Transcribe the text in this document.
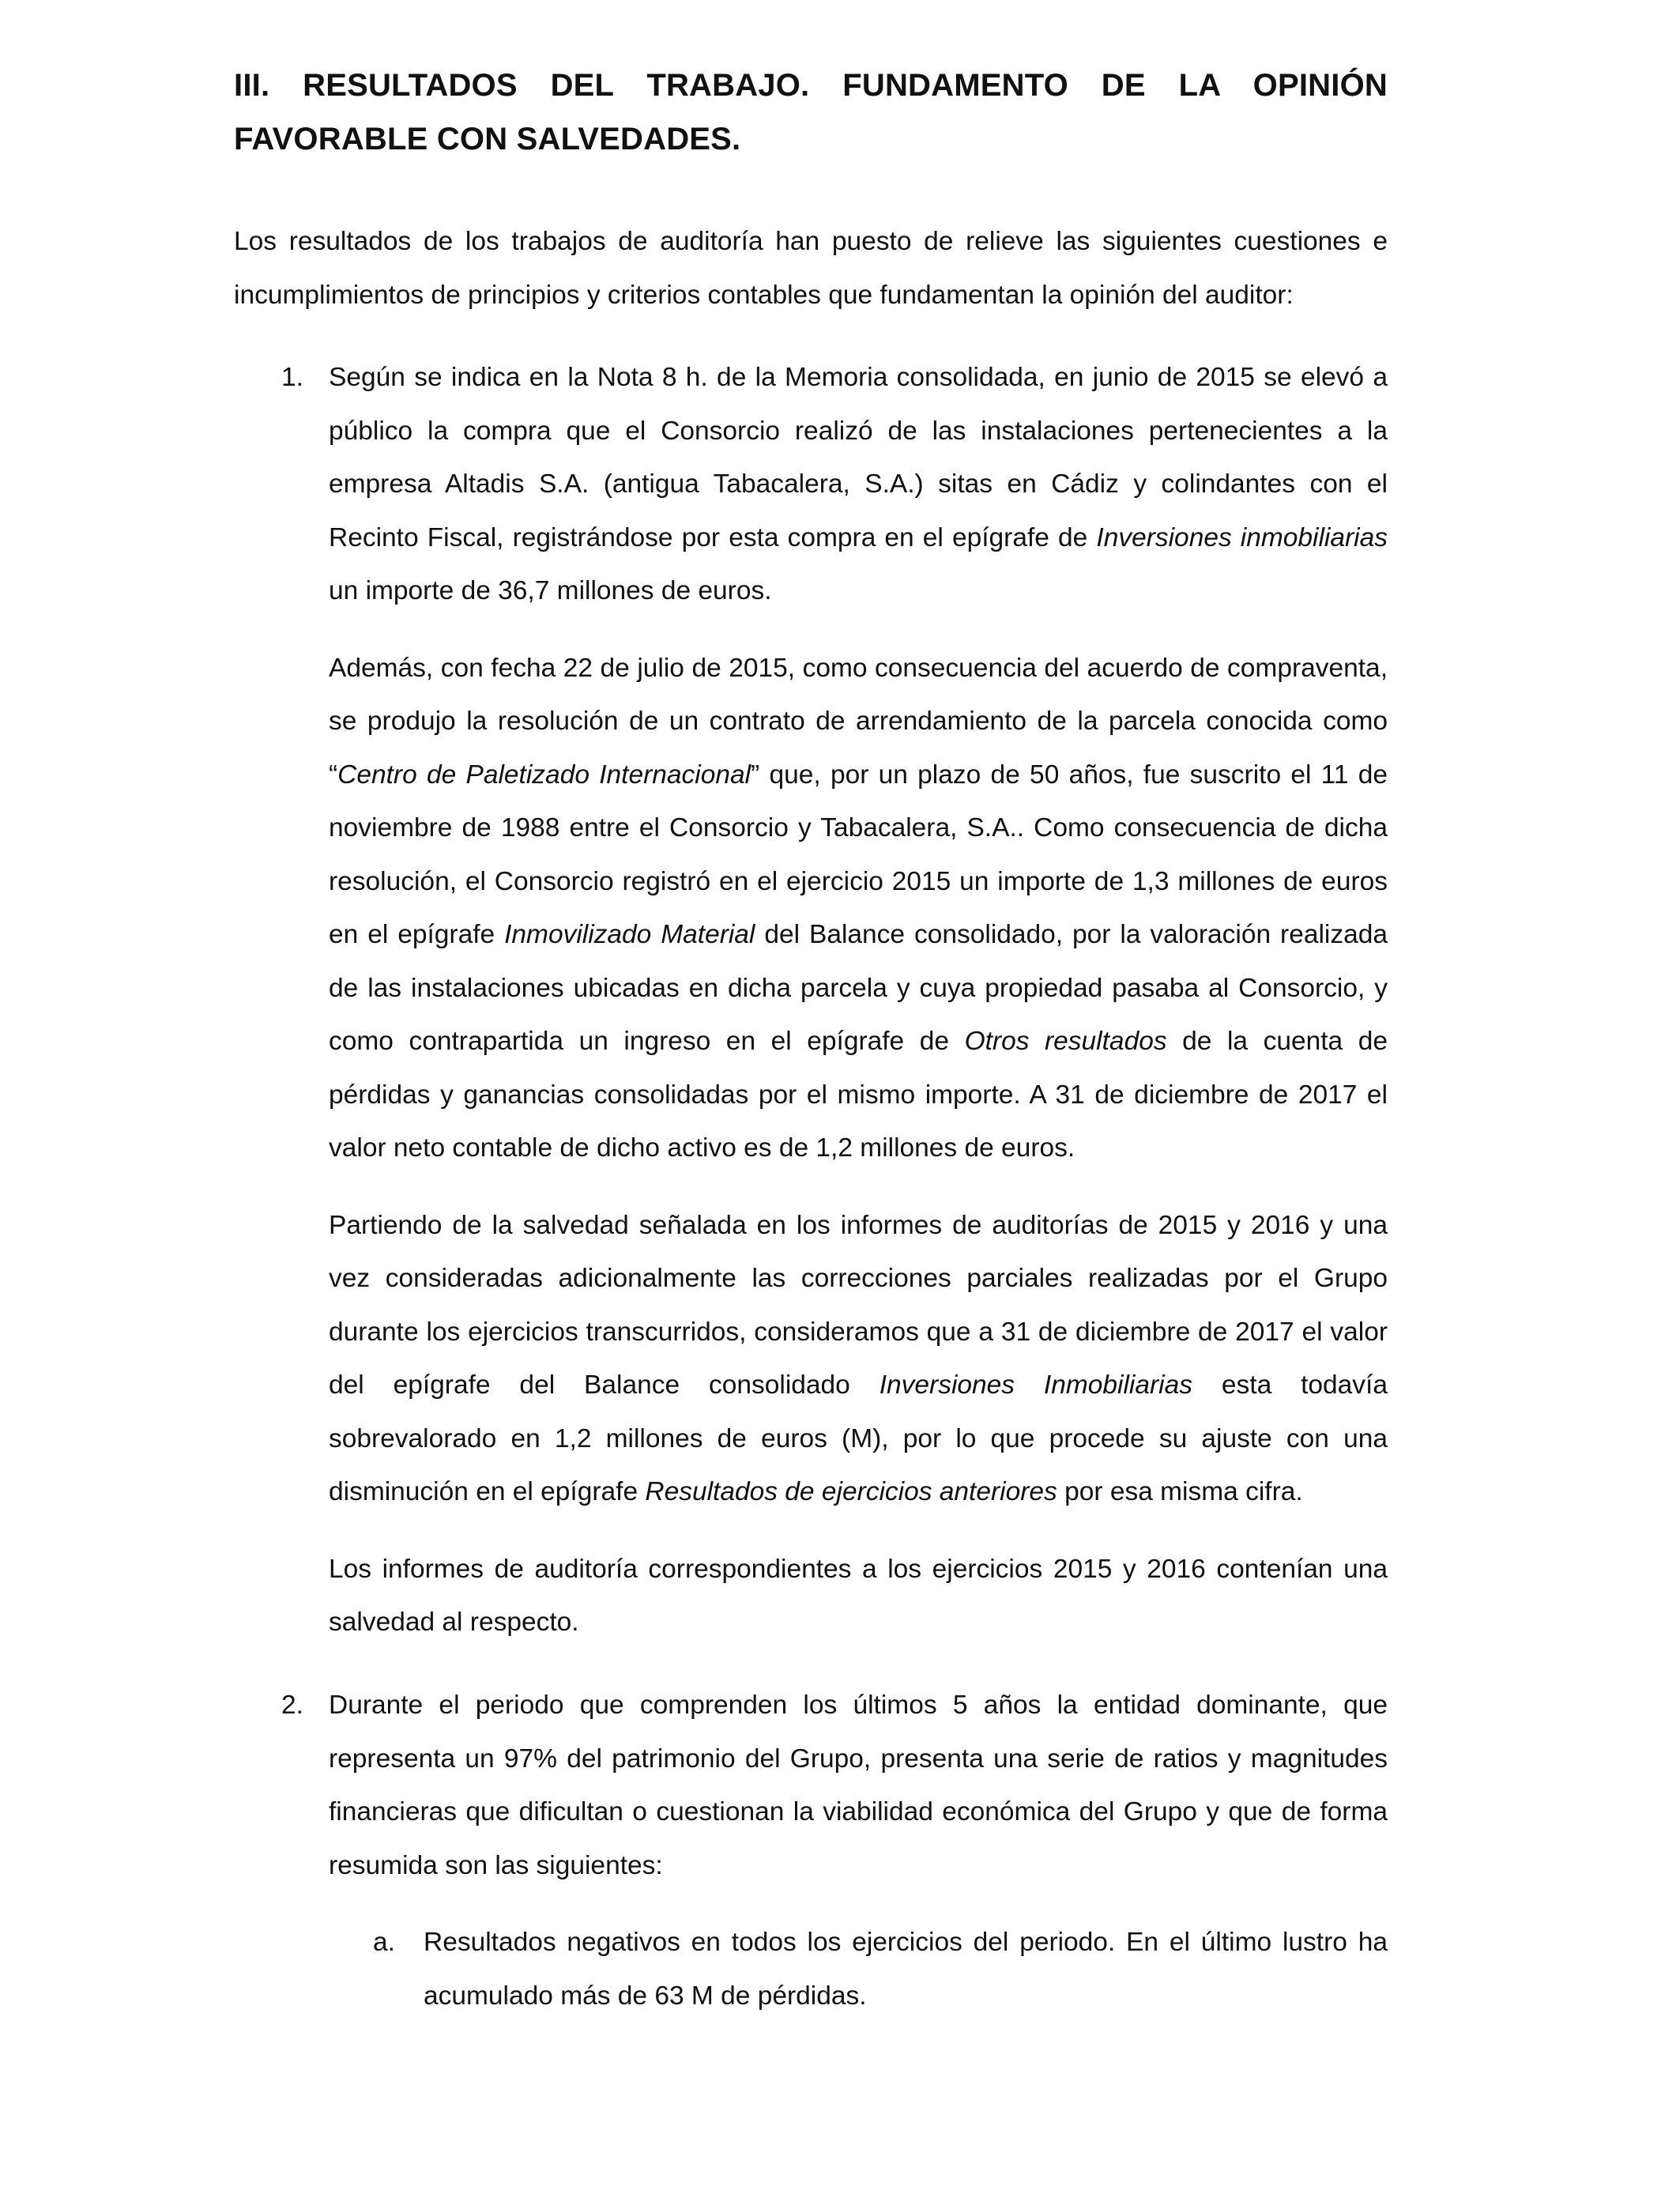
III. RESULTADOS DEL TRABAJO. FUNDAMENTO DE LA OPINIÓN
FAVORABLE CON SALVEDADES.

Los resultados de los trabajos de auditoría han puesto de relieve las siguientes cuestiones e incumplimientos de principios y criterios contables que fundamentan la opinión del auditor:

1. Según se indica en la Nota 8 h. de la Memoria consolidada, en junio de 2015 se elevó a público la compra que el Consorcio realizó de las instalaciones pertenecientes a la empresa Altadis S.A. (antigua Tabacalera, S.A.) sitas en Cádiz y colindantes con el Recinto Fiscal, registrándose por esta compra en el epígrafe de Inversiones inmobiliarias un importe de 36,7 millones de euros.

Además, con fecha 22 de julio de 2015, como consecuencia del acuerdo de compraventa, se produjo la resolución de un contrato de arrendamiento de la parcela conocida como “Centro de Paletizado Internacional” que, por un plazo de 50 años, fue suscrito el 11 de noviembre de 1988 entre el Consorcio y Tabacalera, S.A.. Como consecuencia de dicha resolución, el Consorcio registró en el ejercicio 2015 un importe de 1,3 millones de euros en el epígrafe Inmovilizado Material del Balance consolidado, por la valoración realizada de las instalaciones ubicadas en dicha parcela y cuya propiedad pasaba al Consorcio, y como contrapartida un ingreso en el epígrafe de Otros resultados de la cuenta de pérdidas y ganancias consolidadas por el mismo importe. A 31 de diciembre de 2017 el valor neto contable de dicho activo es de 1,2 millones de euros.

Partiendo de la salvedad señalada en los informes de auditorías de 2015 y 2016 y una vez consideradas adicionalmente las correcciones parciales realizadas por el Grupo durante los ejercicios transcurridos, consideramos que a 31 de diciembre de 2017 el valor del epígrafe del Balance consolidado Inversiones Inmobiliarias esta todavía sobrevalorado en 1,2 millones de euros (M), por lo que procede su ajuste con una disminución en el epígrafe Resultados de ejercicios anteriores por esa misma cifra.

Los informes de auditoría correspondientes a los ejercicios 2015 y 2016 contenían una salvedad al respecto.

2. Durante el periodo que comprenden los últimos 5 años la entidad dominante, que representa un 97% del patrimonio del Grupo, presenta una serie de ratios y magnitudes financieras que dificultan o cuestionan la viabilidad económica del Grupo y que de forma resumida son las siguientes:

a. Resultados negativos en todos los ejercicios del periodo. En el último lustro ha acumulado más de 63 M de pérdidas.
